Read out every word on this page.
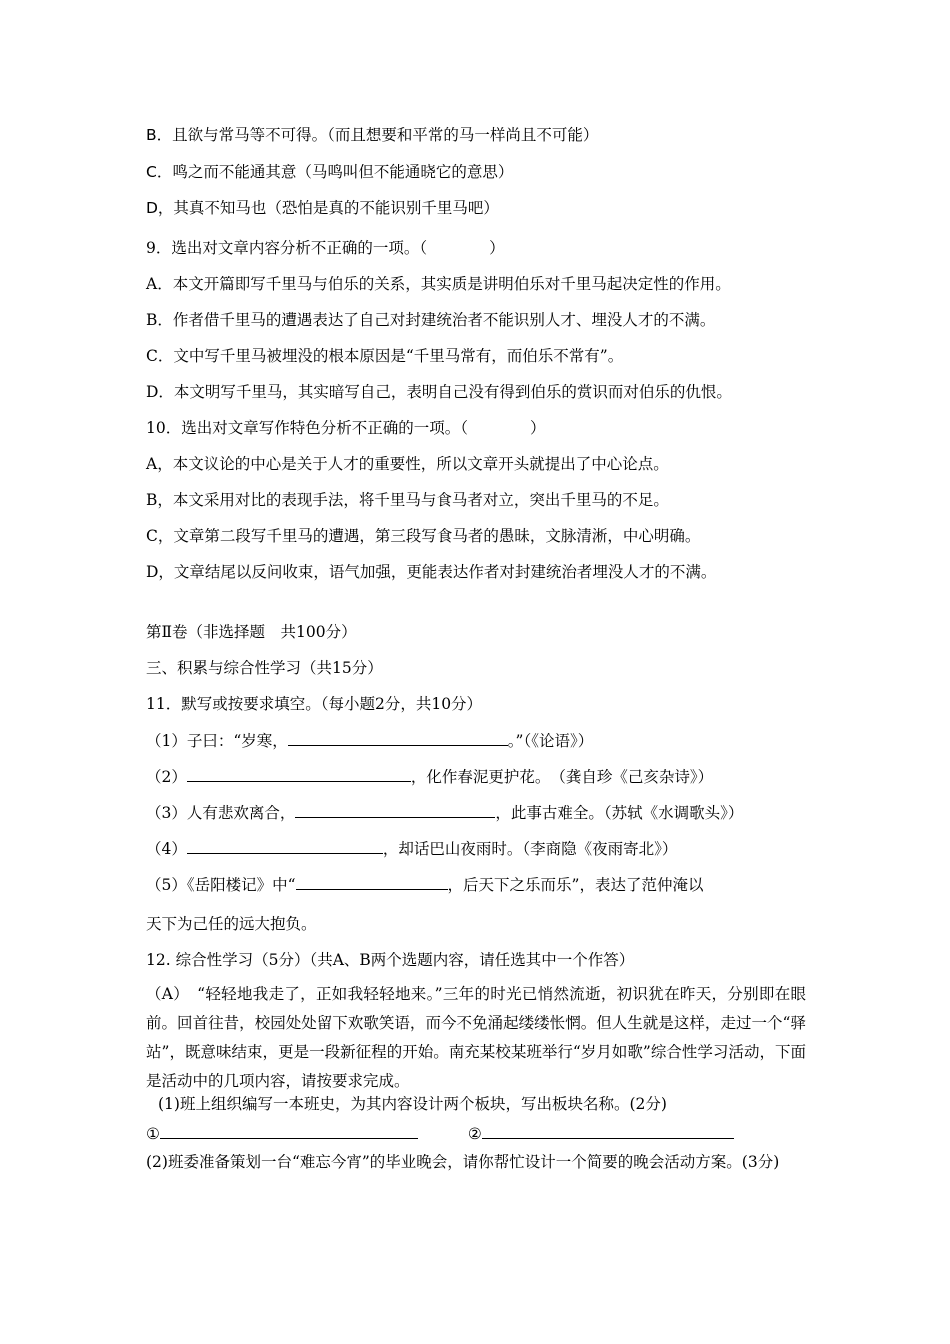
B．且欲与常马等不可得。（而且想要和平常的马一样尚且不可能）
C．鸣之而不能通其意（马鸣叫但不能通晓它的意思）
D，其真不知马也（恐怕是真的不能识别千里马吧）
9．选出对文章内容分析不正确的一项。（　　　　）
A．本文开篇即写千里马与伯乐的关系，其实质是讲明伯乐对千里马起决定性的作用。
B．作者借千里马的遭遇表达了自己对封建统治者不能识别人才、埋没人才的不满。
C．文中写千里马被埋没的根本原因是“千里马常有，而伯乐不常有”。
D．本文明写千里马，其实暗写自己，表明自己没有得到伯乐的赏识而对伯乐的仇恨。
10．选出对文章写作特色分析不正确的一项。（　　　　）
A，本文议论的中心是关于人才的重要性，所以文章开头就提出了中心论点。
B，本文采用对比的表现手法，将千里马与食马者对立，突出千里马的不足。
C，文章第二段写千里马的遭遇，第三段写食马者的愚昧，文脉清淅，中心明确。
D，文章结尾以反问收束，语气加强，更能表达作者对封建统治者埋没人才的不满。
第Ⅱ卷（非选择题　共100分）
三、积累与综合性学习（共15分）
11．默写或按要求填空。（每小题2分，共10分）
（1）子曰：“岁寒，	。”（《论语》）
（2）	，化作春泥更护花。　（龚自珍《己亥杂诗》）
（3）人有悲欢离合，	，此事古难全。（苏轼《水调歌头》）
（4）	，却话巴山夜雨时。（李商隐《夜雨寄北》）
（5）《岳阳楼记》中“	，后天下之乐而乐”，表达了范仲淹以
天下为己任的远大抱负。
12. 综合性学习（5分）（共A、B两个选题内容，请任选其中一个作答）
（A）　“轻轻地我走了，正如我轻轻地来。”三年的时光已悄然流逝，初识犹在昨天，分别即在眼前。回首往昔，校园处处留下欢歌笑语，而今不免涌起缕缕怅惘。但人生就是这样，走过一个“驿站”，既意味结束，更是一段新征程的开始。南充某校某班举行“岁月如歌”综合性学习活动，下面是活动中的几项内容，请按要求完成。
(1)班上组织编写一本班史，为其内容设计两个板块，写出板块名称。(2分)
①	②
(2)班委准备策划一台“难忘今宵”的毕业晚会，请你帮忙设计一个简要的晚会活动方案。(3分)
